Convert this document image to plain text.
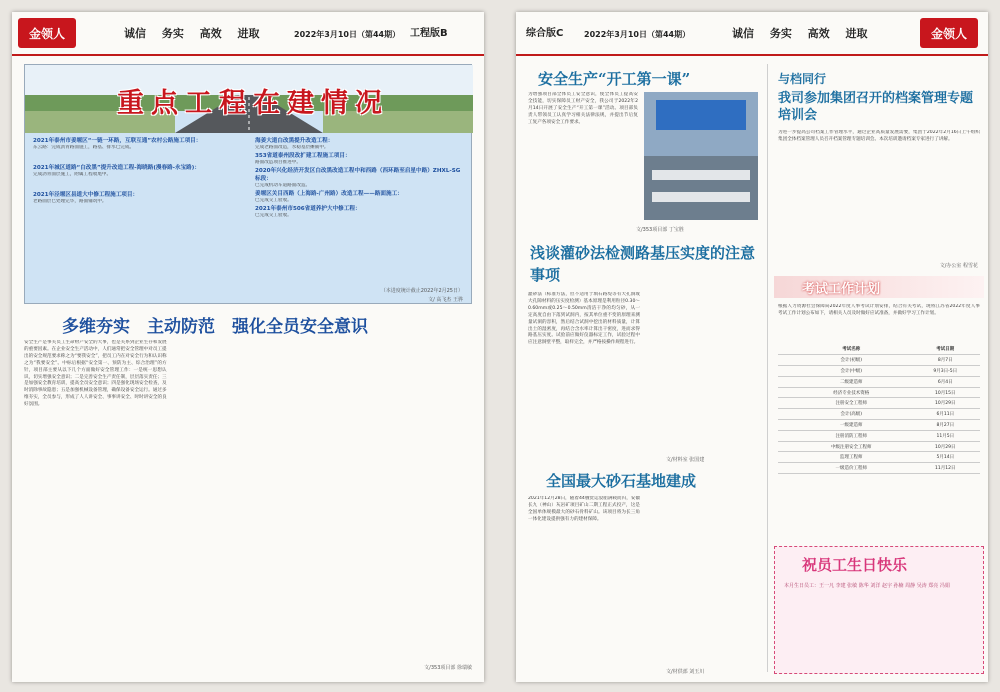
金领人	诚信 务实 高效 进取	2022年3月10日（第44期） 工程版B
重点工程在建情况
2021年泰州市姜堰区“一链一环路，互联互通”农村公路施工项目：
东云路：完成沥青路面施工，路基、排水已完成。
2021年城区道路“白改黑”提升改造工程-海晓路(漫春路-永宝路)：
完成沥青面层施工，附属工程收尾中。
2021年泾堰区县道大中修工程施工项目：
老路面层已处理完毕，路面铺筑中。
海姜大道白改黑提升改造工程：
完成老路面改造，水稳基层摊铺中。
353省道泰州段改扩建工程施工项目：
路面改造项目推进中。
2020年兴化经济开发区白改黑改造工程中和西路（西环路至启星中路）ZHXL-SG标段：
已完成机动车道路面改造。
姜堰区关目西路（上海路-广州路）改造工程——路面施工：
已完成交工验收。
2021年泰州市506省道养护大中修工程：
已完成交工验收。
（本进度统计截止2022年2月25日）
文/ 高飞杰 王骅
多维夯实　主动防范　强化全员安全意识
安全生产是事关员工生命财产安全的大事，也是关系到企业生存和发展的重要因素。在企业安全生产活动中，人们通常把安全管理中对员工提出的安全规范要求称之为“要我安全”，把员工内在对安全行为和认识称之为“我要安全”。中标后根据“安全第一、预防为主、综合治理”的方针，项目部主要从以下几个方面做好安全管理工作：一是统一思想认识，切实增强安全意识；二是完善安全生产责任制，层层落实责任；三是加强安全教育培训，提高全员安全意识；四是强化现场安全检查，及时消除事故隐患；五是加强机械设备管理，确保设备安全运行。通过多维夯实，全员参与，形成了人人讲安全、事事讲安全、时时讲安全的良好氛围。
文/353项目部 徐瑞敏
综合版C	2022年3月10日（第44期）	诚信 务实 高效 进取	金领人
安全生产“开工第一课”
为增强项目部全体员工安全意识，使全体员工提高安全技能，切实保障员工财产安全，我公司于2022年2月14日开展了安全生产“开工第一课”活动。项目部负责人带领员工认真学习相关法律法规，并提出节后复工复产各项安全工作要求。
文/353项目部 丁宝胜
浅谈灌砂法检测路基压实度的注意事项
灌砂法（标准方法，但不适用于填石路堤等有大孔洞或大孔隙材料的压实度检测）基本原理是利用粒径0.30～0.60mm或0.25～0.50mm清洁干净的均匀砂，从一定高度自由下落到试洞内，按其单位重不变的原理来测量试洞的容积，然后结合试洞中挖出的材料质量，计算出土的湿密度，再结合含水率计算出干密度，进而求得路基压实度。试验前应做好仪器标定工作，试验过程中应注意洞壁平整，取样完全，并严格按操作规程进行。
文/材料室 张国建
全国最大砂石基地建成
2021年12月28日，随着44艘货运驳船满载而归，安徽长九（神山）灰岩矿项目矿山二期工程正式投产，这是全国单体规模最大的砂石骨料矿山。该项目将为长三角一体化建设提供强有力的建材保障。
文/材供部 刘玉川
与档同行
我司参加集团召开的档案管理专题培训会
为进一步提高公司档案工作管理水平，通过企业高质量发展需要，集团于2022年2月16日上午组织集团全体档案管理人员召开档案管理专题培训会。本次培训邀请档案专家进行了讲解。
文/办公室 程雪花
考试工作计划
根据人力资源社会保障局2022年度人事考试计划安排，结合有关考试，现将江苏省2022年度人事考试工作计划公布如下，请相关人员及时做好应试准备，并做好学习工作计划。
	考试名称	考试日期
	会计(初级)	8月7日
	会计(中级)	9月3日-5日
	二级建造师	6月4日
	经济专业技术资格	10月15日
	注册安全工程师	10月29日
	会计(高级)	6月11日
	一级建造师	8月27日
	注册消防工程师	11月5日
	中级注册安全工程师	10月29日
	监理工程师	5月14日
	一级造价工程师	11月12日
祝员工生日快乐
本月生日员工：王一凡 李建 张敏 陈华 刘洋 赵宇 孙楠 周静 吴涛 郑亮 冯娟
